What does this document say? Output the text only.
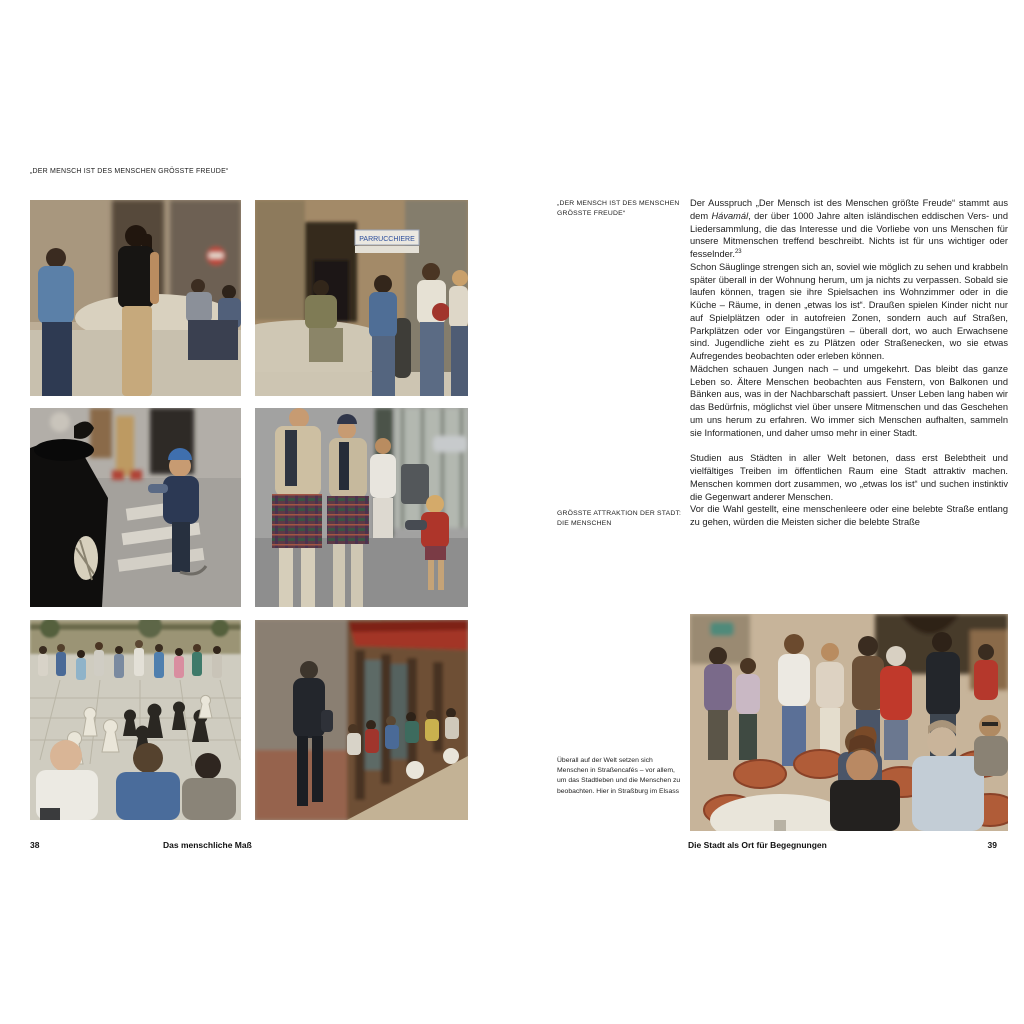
„DER MENSCH IST DES MENSCHEN GRÖSSTE FREUDE“
PARRUCCHIERE
38	Das menschliche Maß
„DER MENSCH IST DES MENSCHEN GRÖSSTE FREUDE“
GRÖSSTE ATTRAKTION DER STADT: DIE MENSCHEN
Überall auf der Welt setzen sich Menschen in Straßencafés – vor allem, um das Stadtleben und die Menschen zu beobachten. Hier in Straßburg im Elsass

Der Ausspruch „Der Mensch ist des Menschen größte Freude“ stammt aus dem Hávamál, der über 1000 Jahre alten isländischen eddischen Vers- und Liedersammlung, die das Interesse und die Vorliebe von uns Menschen für unsere Mitmenschen treffend beschreibt. Nichts ist für uns wichtiger oder fesselnder.$^{23}$

Schon Säuglinge strengen sich an, soviel wie möglich zu sehen und krabbeln später überall in der Wohnung herum, um ja nichts zu verpassen. Sobald sie laufen können, tragen sie ihre Spielsachen ins Wohnzimmer oder in die Küche – Räume, in denen „etwas los ist“. Draußen spielen Kinder nicht nur auf Spielplätzen oder in autofreien Zonen, sondern auch auf Straßen, Parkplätzen oder vor Eingangstüren – überall dort, wo auch Erwachsene sind. Jugendliche zieht es zu Plätzen oder Straßenecken, wo sie etwas Aufregendes beobachten oder erleben können.

Mädchen schauen Jungen nach – und umgekehrt. Das bleibt das ganze Leben so. Ältere Menschen beobachten aus Fenstern, von Balkonen und Bänken aus, was in der Nachbarschaft passiert. Unser Leben lang haben wir das Bedürfnis, möglichst viel über unsere Mitmenschen und das Geschehen um uns herum zu erfahren. Wo immer sich Menschen aufhalten, sammeln sie Informationen, und daher umso mehr in einer Stadt.

Studien aus Städten in aller Welt betonen, dass erst Belebtheit und vielfältiges Treiben im öffentlichen Raum eine Stadt attraktiv machen. Menschen kommen dort zusammen, wo „etwas los ist“ und suchen instinktiv die Gegenwart anderer Menschen.

Vor die Wahl gestellt, eine menschenleere oder eine belebte Straße entlang zu gehen, würden die Meisten sicher die belebte Straße

Die Stadt als Ort für Begegnungen	39
